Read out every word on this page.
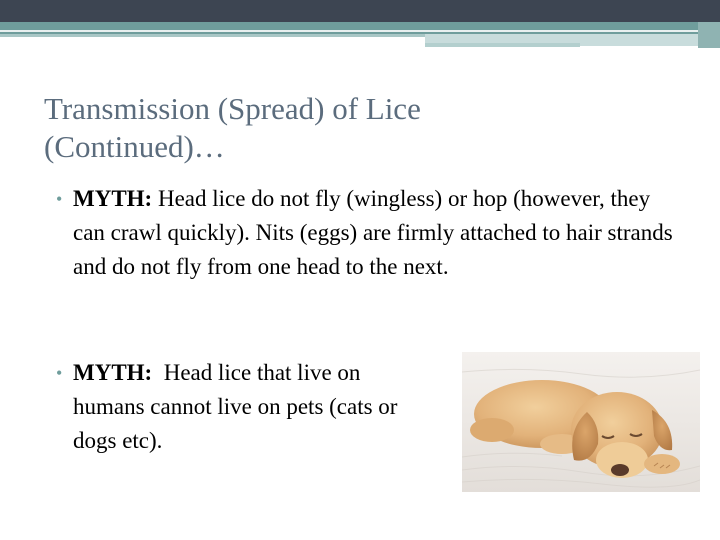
Transmission (Spread) of Lice
(Continued)…
• MYTH: Head lice do not fly (wingless) or hop (however, they can crawl quickly). Nits (eggs) are firmly attached to hair strands and do not fly from one head to the next.
• MYTH: Head lice that live on humans cannot live on pets (cats or dogs etc).
